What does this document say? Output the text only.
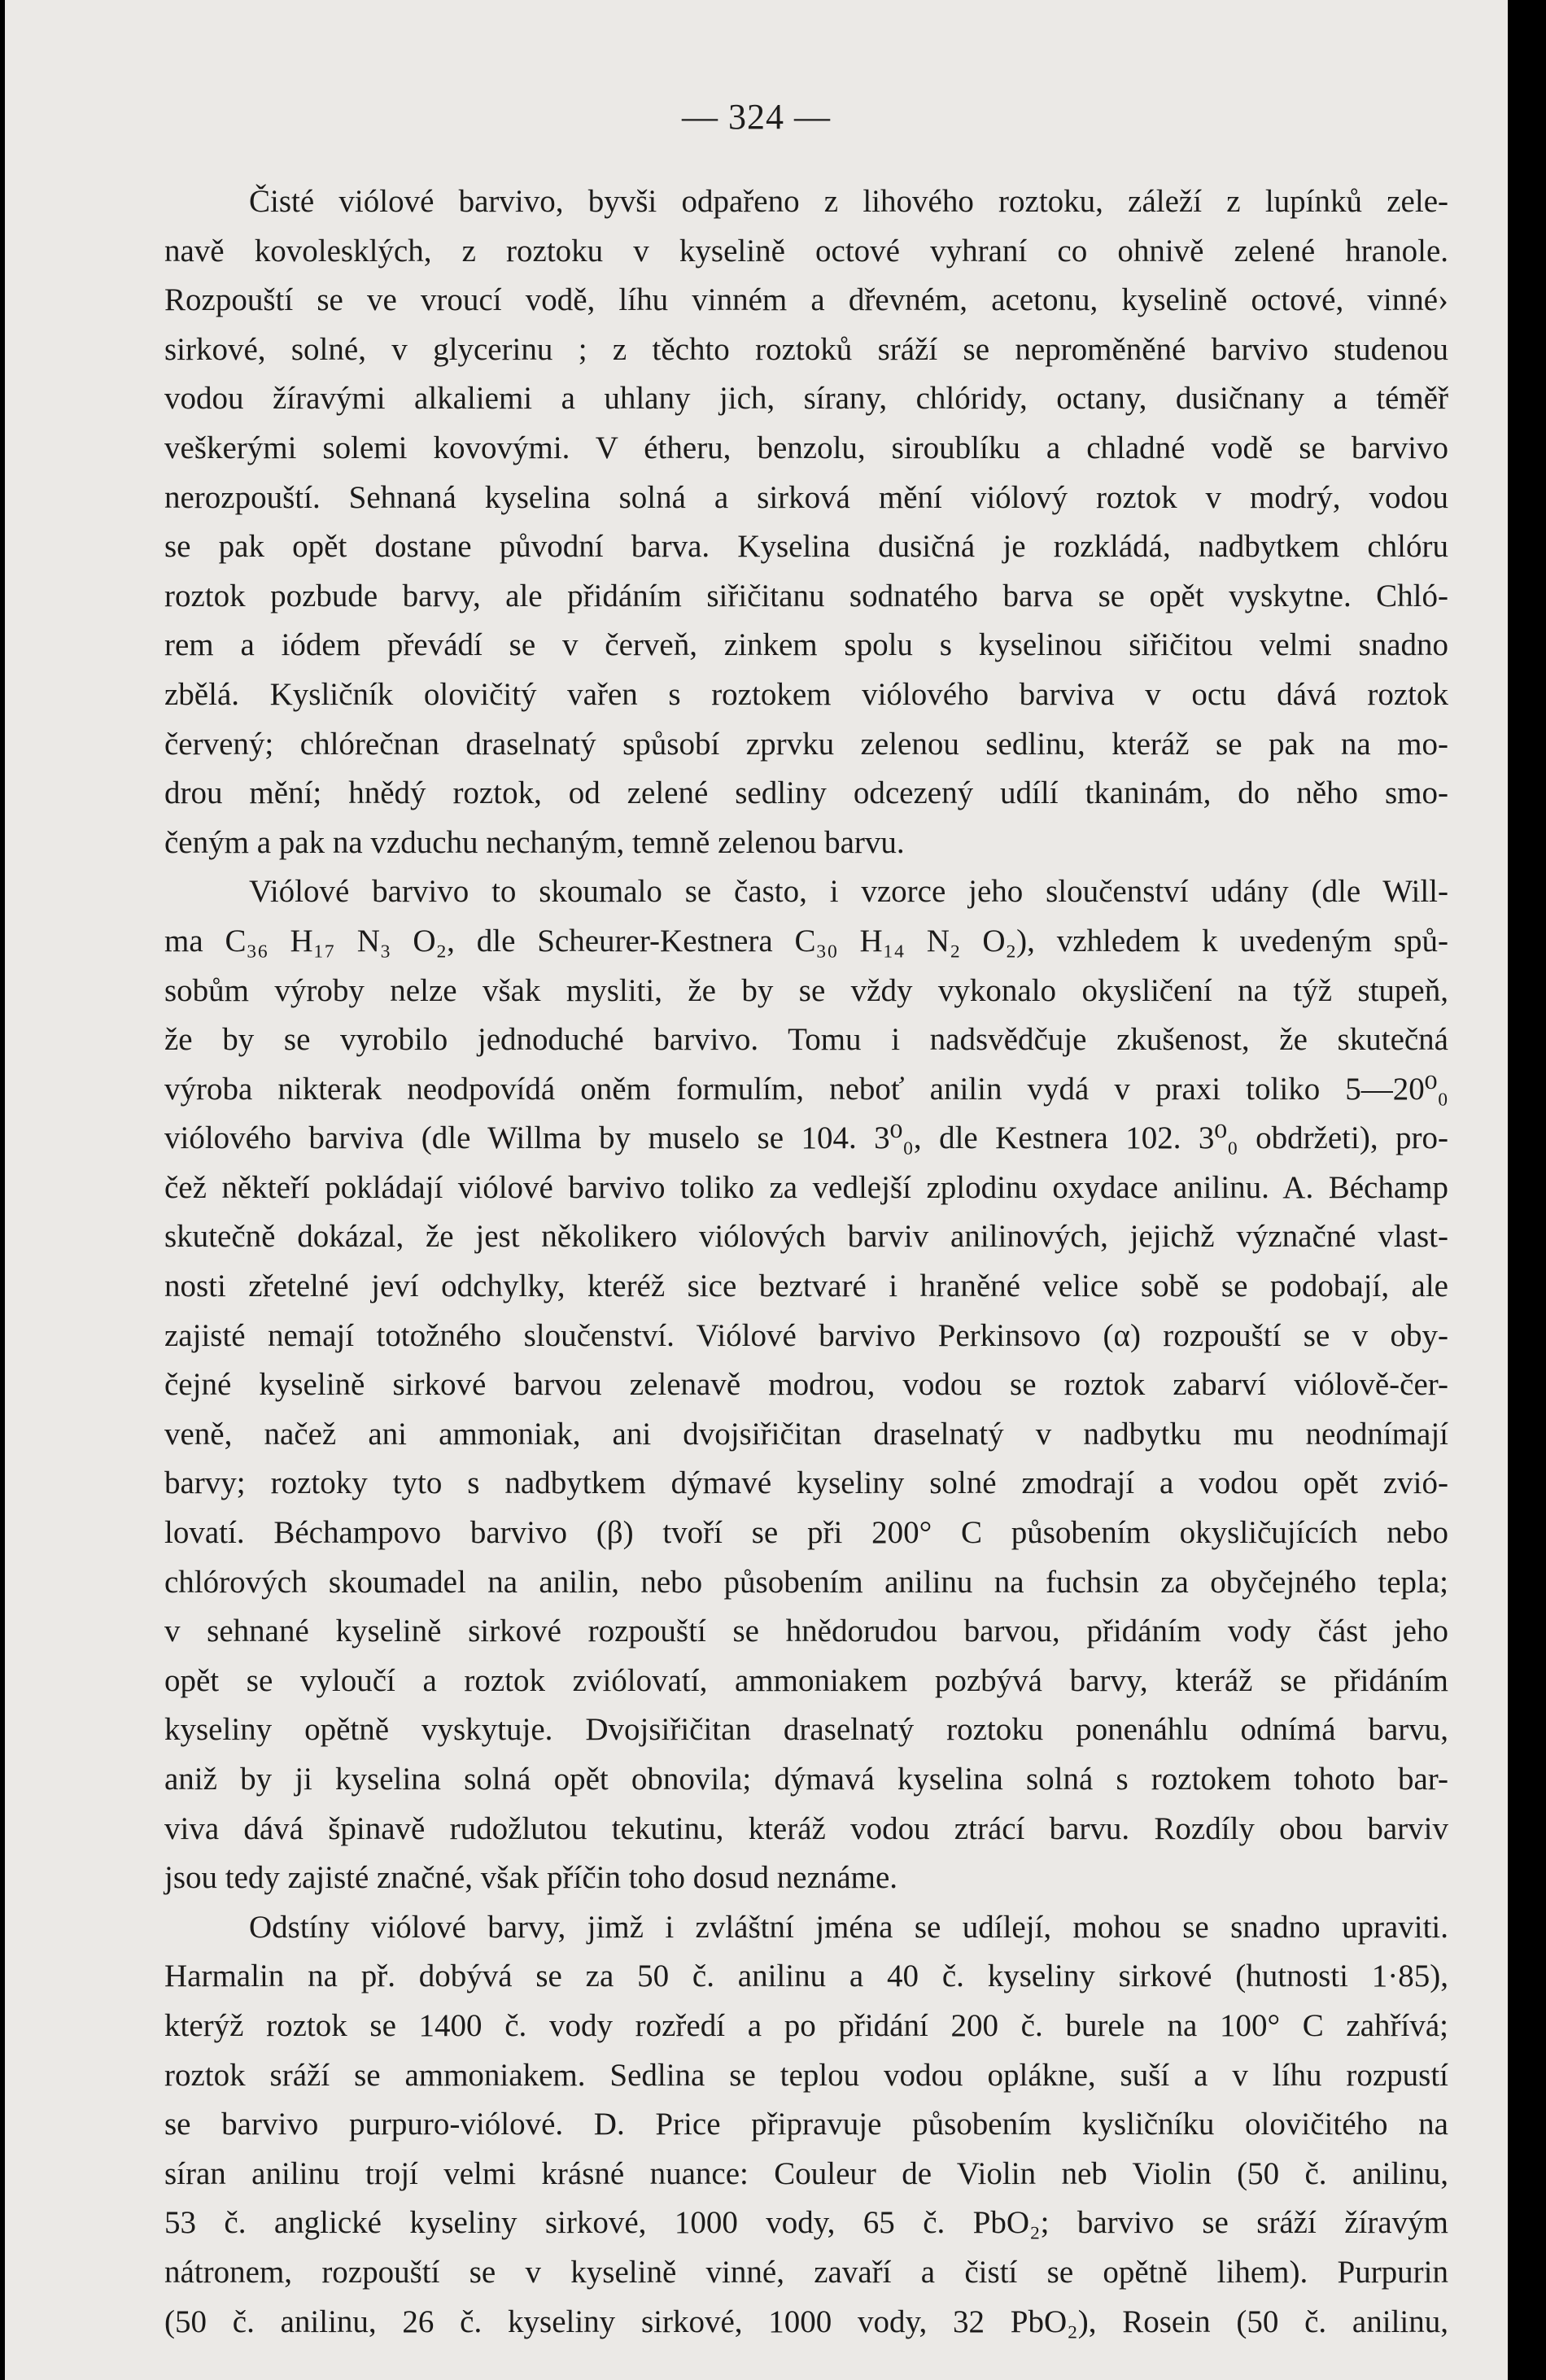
— 324 —
Čisté viólové barvivo, byvši odpařeno z lihového roztoku, záleží z lupínků zele-
navě kovolesklých, z roztoku v kyselině octové vyhraní co ohnivě zelené hranole.
Rozpouští se ve vroucí vodě, líhu vinném a dřevném, acetonu, kyselině octové, vinné›
sirkové, solné, v glycerinu ; z těchto roztoků sráží se neproměněné barvivo studenou
vodou žíravými alkaliemi a uhlany jich, sírany, chlóridy, octany, dusičnany a téměř
veškerými solemi kovovými. V étheru, benzolu, siroublíku a chladné vodě se barvivo
nerozpouští. Sehnaná kyselina solná a sirková mění viólový roztok v modrý, vodou
se pak opět dostane původní barva. Kyselina dusičná je rozkládá, nadbytkem chlóru
roztok pozbude barvy, ale přidáním siřičitanu sodnatého barva se opět vyskytne. Chló-
rem a iódem převádí se v červeň, zinkem spolu s kyselinou siřičitou velmi snadno
zbělá. Kysličník olovičitý vařen s roztokem viólového barviva v octu dává roztok
červený; chlórečnan draselnatý spůsobí zprvku zelenou sedlinu, kteráž se pak na mo-
drou mění; hnědý roztok, od zelené sedliny odcezený udílí tkaninám, do něho smo-
čeným a pak na vzduchu nechaným, temně zelenou barvu.
Viólové barvivo to skoumalo se často, i vzorce jeho sloučenství udány (dle Will-
ma C₃₆ H₁₇ N₃ O₂, dle Scheurer-Kestnera C₃₀ H₁₄ N₂ O₂), vzhledem k uvedeným spů-
sobům výroby nelze však mysliti, že by se vždy vykonalo okysličení na týž stupeň,
že by se vyrobilo jednoduché barvivo. Tomu i nadsvědčuje zkušenost, že skutečná
výroba nikterak neodpovídá oněm formulím, neboť anilin vydá v praxi toliko 5—20⁰₀
viólového barviva (dle Willma by muselo se 104. 3⁰₀, dle Kestnera 102. 3⁰₀ obdržeti), pro-
čež někteří pokládají viólové barvivo toliko za vedlejší zplodinu oxydace anilinu. A. Béchamp
skutečně dokázal, že jest několikero viólových barviv anilinových, jejichž význačné vlast-
nosti zřetelné jeví odchylky, kteréž sice beztvaré i hraněné velice sobě se podobají, ale
zajisté nemají totožného sloučenství. Viólové barvivo Perkinsovo (α) rozpouští se v oby-
čejné kyselině sirkové barvou zelenavě modrou, vodou se roztok zabarví viólově-čer-
veně, načež ani ammoniak, ani dvojsiřičitan draselnatý v nadbytku mu neodnímají
barvy; roztoky tyto s nadbytkem dýmavé kyseliny solné zmodrají a vodou opět zvió-
lovatí. Béchampovo barvivo (β) tvoří se při 200° C působením okysličujících nebo
chlórových skoumadel na anilin, nebo působením anilinu na fuchsin za obyčejného tepla;
v sehnané kyselině sirkové rozpouští se hnědorudou barvou, přidáním vody část jeho
opět se vyloučí a roztok zviólovatí, ammoniakem pozbývá barvy, kteráž se přidáním
kyseliny opětně vyskytuje. Dvojsiřičitan draselnatý roztoku ponenáhlu odnímá barvu,
aniž by ji kyselina solná opět obnovila; dýmavá kyselina solná s roztokem tohoto bar-
viva dává špinavě rudožlutou tekutinu, kteráž vodou ztrácí barvu. Rozdíly obou barviv
jsou tedy zajisté značné, však příčin toho dosud neznáme.
Odstíny viólové barvy, jimž i zvláštní jména se udílejí, mohou se snadno upraviti.
Harmalin na př. dobývá se za 50 č. anilinu a 40 č. kyseliny sirkové (hutnosti 1·85),
kterýž roztok se 1400 č. vody rozředí a po přidání 200 č. burele na 100° C zahřívá;
roztok sráží se ammoniakem. Sedlina se teplou vodou oplákne, suší a v líhu rozpustí
se barvivo purpuro-viólové. D. Price připravuje působením kysličníku olovičitého na
síran anilinu trojí velmi krásné nuance: Couleur de Violin neb Violin (50 č. anilinu,
53 č. anglické kyseliny sirkové, 1000 vody, 65 č. PbO₂; barvivo se sráží žíravým
nátronem, rozpouští se v kyselině vinné, zavaří a čistí se opětně lihem). Purpurin
(50 č. anilinu, 26 č. kyseliny sirkové, 1000 vody, 32 PbO₂), Rosein (50 č. anilinu,
